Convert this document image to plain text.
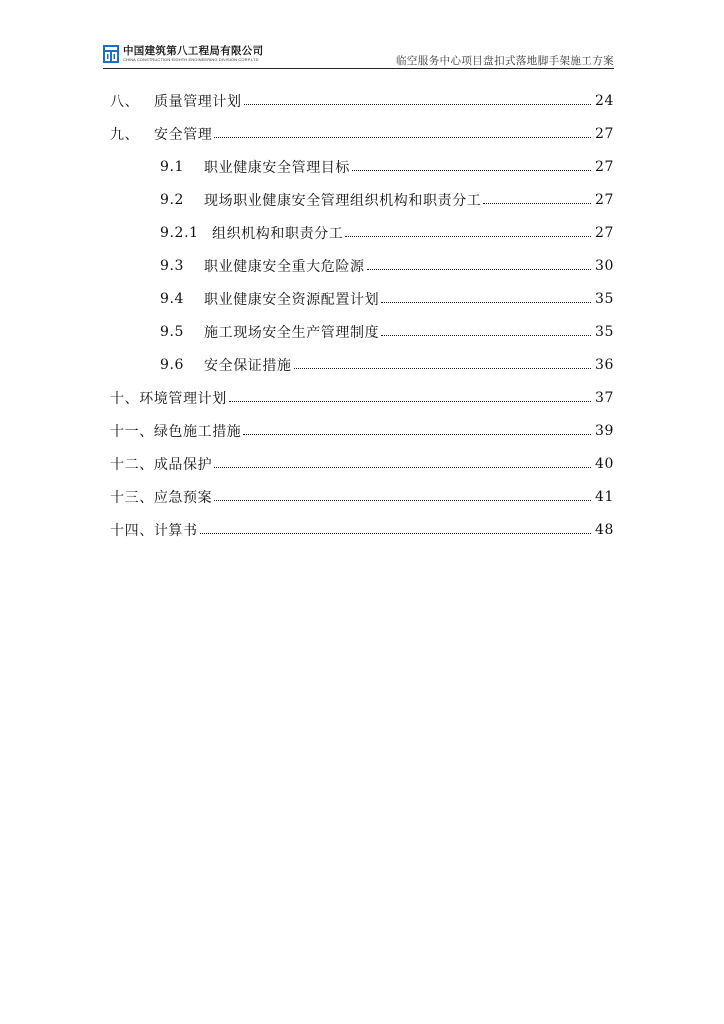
中国建筑第八工程局有限公司
CHINA CONSTRUCTION EIGHTH ENGINEERING DIVISION CORP.LTD	临空服务中心项目盘扣式落地脚手架施工方案
八、	质量管理计划	24
九、	安全管理	27
9.1	职业健康安全管理目标	27
9.2	现场职业健康安全管理组织机构和职责分工	27
9.2.1 组织机构和职责分工	27
9.3	职业健康安全重大危险源	30
9.4	职业健康安全资源配置计划	35
9.5	施工现场安全生产管理制度	35
9.6	安全保证措施	36
十、 环境管理计划	37
十一、 绿色施工措施	39
十二、 成品保护	40
十三、 应急预案	41
十四、 计算书	48
